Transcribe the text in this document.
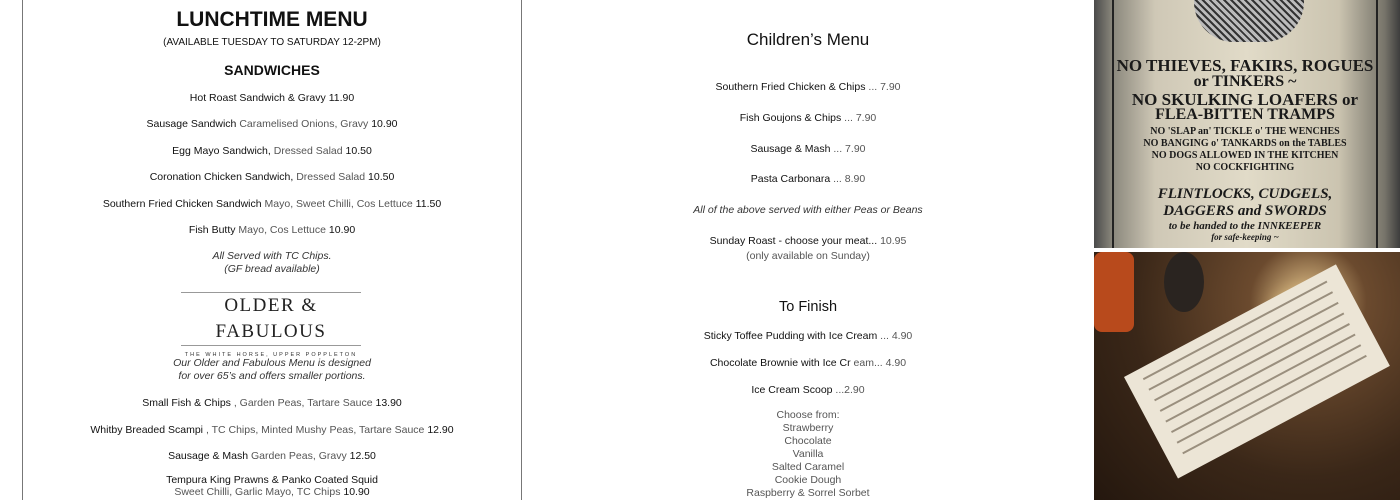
LUNCHTIME MENU
(AVAILABLE TUESDAY TO SATURDAY 12-2PM)
SANDWICHES
Hot Roast Sandwich & Gravy 11.90
Sausage Sandwich Caramelised Onions, Gravy 10.90
Egg Mayo Sandwich, Dressed Salad 10.50
Coronation Chicken Sandwich, Dressed Salad 10.50
Southern Fried Chicken Sandwich Mayo, Sweet Chilli, Cos Lettuce 11.50
Fish Butty Mayo, Cos Lettuce 10.90
All Served with TC Chips.
(GF bread available)
OLDER & FABULOUS
THE WHITE HORSE, UPPER POPPLETON
Our Older and Fabulous Menu is designed
for over 65’s and offers smaller portions.
Small Fish & Chips , Garden Peas, Tartare Sauce 13.90
Whitby Breaded Scampi , TC Chips, Minted Mushy Peas, Tartare Sauce 12.90
Sausage & Mash Garden Peas, Gravy 12.50
Tempura King Prawns & Panko Coated Squid
Sweet Chilli, Garlic Mayo, TC Chips 10.90
Children’s Menu
Southern Fried Chicken & Chips ... 7.90
Fish Goujons & Chips ... 7.90
Sausage & Mash ... 7.90
Pasta Carbonara ... 8.90
All of the above served with either Peas or Beans
Sunday Roast - choose your meat... 10.95
(only available on Sunday)
To Finish
Sticky Toffee Pudding with Ice Cream ... 4.90
Chocolate Brownie with Ice Cr eam... 4.90
Ice Cream Scoop ...2.90
Choose from:
Strawberry
Chocolate
Vanilla
Salted Caramel
Cookie Dough
Raspberry & Sorrel Sorbet
NO THIEVES, FAKIRS, ROGUES
or TINKERS ~
NO SKULKING LOAFERS or
FLEA-BITTEN TRAMPS
NO 'SLAP an' TICKLE o' THE WENCHES
NO BANGING o' TANKARDS on the TABLES
NO DOGS ALLOWED IN THE KITCHEN
NO COCKFIGHTING
FLINTLOCKS, CUDGELS,
DAGGERS and SWORDS
to be handed to the INNKEEPER
for safe-keeping ~
